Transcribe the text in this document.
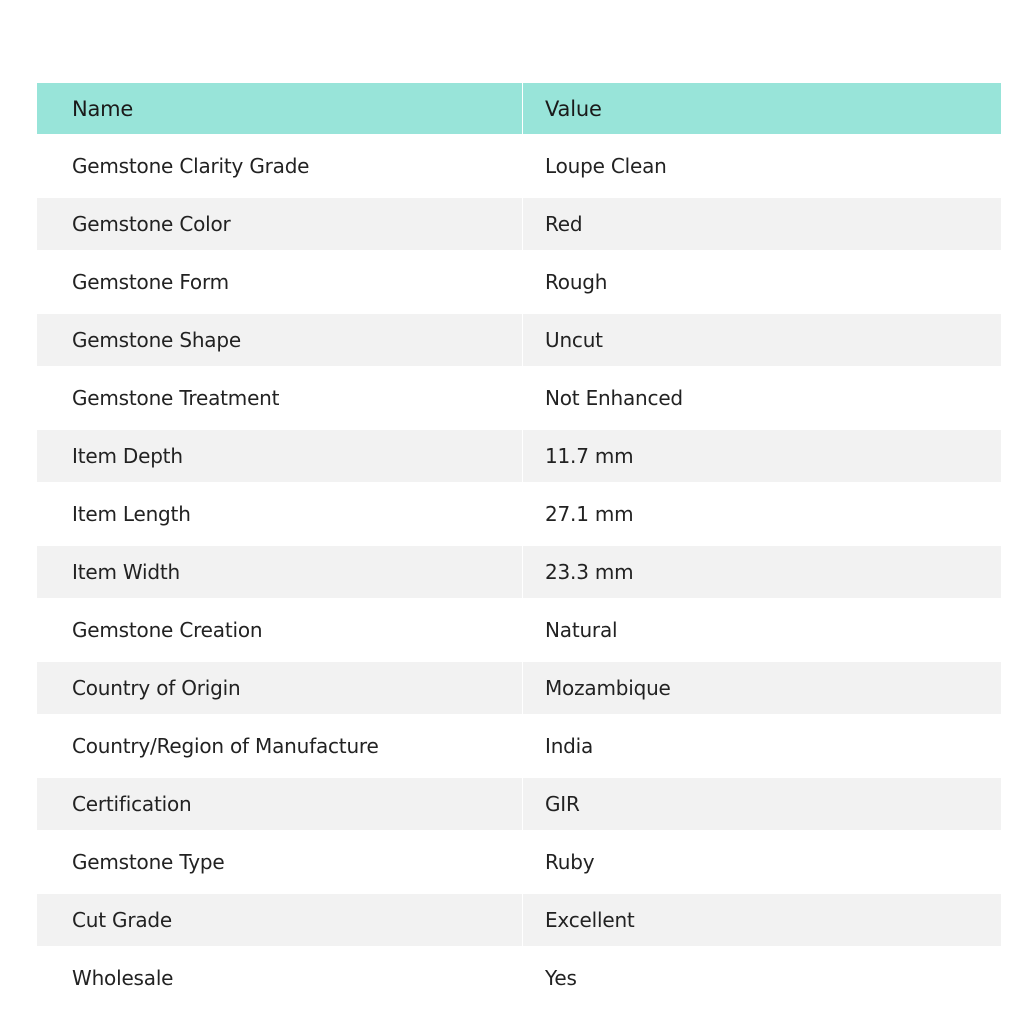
Name	Value
Gemstone Clarity Grade	Loupe Clean
Gemstone Color	Red
Gemstone Form	Rough
Gemstone Shape	Uncut
Gemstone Treatment	Not Enhanced
Item Depth	11.7 mm
Item Length	27.1 mm
Item Width	23.3 mm
Gemstone Creation	Natural
Country of Origin	Mozambique
Country/Region of Manufacture	India
Certification	GIR
Gemstone Type	Ruby
Cut Grade	Excellent
Wholesale	Yes
